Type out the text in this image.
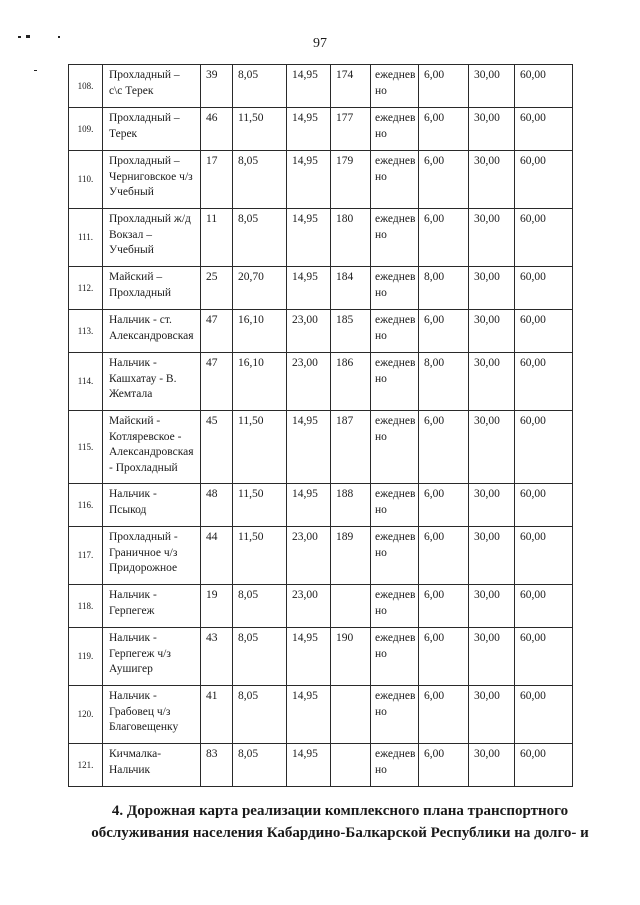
97
108.	Прохладный –
с\с Терек	39	8,05	14,95	174	ежедневно	6,00	30,00	60,00
109.	Прохладный –
Терек	46	11,50	14,95	177	ежедневно	6,00	30,00	60,00
110.	Прохладный –
Черниговское ч/з
Учебный	17	8,05	14,95	179	ежедневно	6,00	30,00	60,00
111.	Прохладный ж/д
Вокзал –
Учебный	11	8,05	14,95	180	ежедневно	6,00	30,00	60,00
112.	Майский –
Прохладный	25	20,70	14,95	184	ежедневно	8,00	30,00	60,00
113.	Нальчик - ст.
Александровская	47	16,10	23,00	185	ежедневно	6,00	30,00	60,00
114.	Нальчик -
Кашхатау - В.
Жемтала	47	16,10	23,00	186	ежедневно	8,00	30,00	60,00
115.	Майский -
Котляревское -
Александровская
- Прохладный	45	11,50	14,95	187	ежедневно	6,00	30,00	60,00
116.	Нальчик -
Псыкод	48	11,50	14,95	188	ежедневно	6,00	30,00	60,00
117.	Прохладный -
Граничное ч/з
Придорожное	44	11,50	23,00	189	ежедневно	6,00	30,00	60,00
118.	Нальчик -
Герпегеж	19	8,05	23,00		ежедневно	6,00	30,00	60,00
119.	Нальчик -
Герпегеж ч/з
Аушигер	43	8,05	14,95	190	ежедневно	6,00	30,00	60,00
120.	Нальчик -
Грабовец ч/з
Благовещенку	41	8,05	14,95		ежедневно	6,00	30,00	60,00
121.	Кичмалка-
Нальчик	83	8,05	14,95		ежедневно	6,00	30,00	60,00
4. Дорожная карта реализации комплексного плана транспортного
обслуживания населения Кабардино-Балкарской Республики на долго- и
